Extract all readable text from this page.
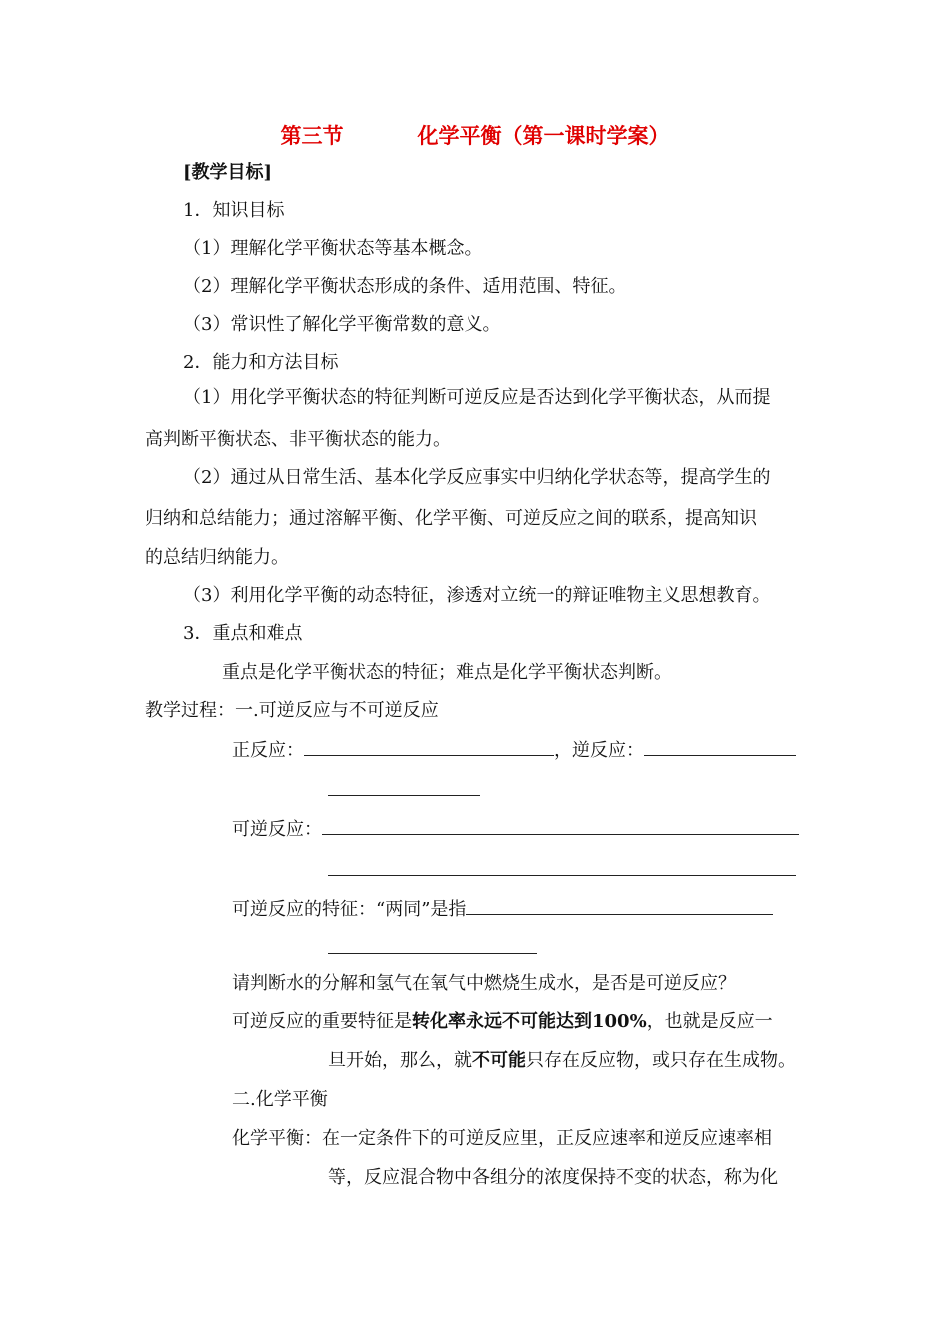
第三节	化学平衡（第一课时学案）
[教学目标]
1．知识目标
（1）理解化学平衡状态等基本概念。
（2）理解化学平衡状态形成的条件、适用范围、特征。
（3）常识性了解化学平衡常数的意义。
2．能力和方法目标
（1）用化学平衡状态的特征判断可逆反应是否达到化学平衡状态，从而提
高判断平衡状态、非平衡状态的能力。
（2）通过从日常生活、基本化学反应事实中归纳化学状态等，提高学生的
归纳和总结能力；通过溶解平衡、化学平衡、可逆反应之间的联系，提高知识
的总结归纳能力。
（3）利用化学平衡的动态特征，渗透对立统一的辩证唯物主义思想教育。
3．重点和难点
重点是化学平衡状态的特征；难点是化学平衡状态判断。
教学过程：一.可逆反应与不可逆反应
正反应：	，逆反应：
可逆反应：
可逆反应的特征：“两同”是指
请判断水的分解和氢气在氧气中燃烧生成水，是否是可逆反应？
可逆反应的重要特征是转化率永远不可能达到100%，也就是反应一
旦开始，那么，就不可能只存在反应物，或只存在生成物。
二.化学平衡
化学平衡：在一定条件下的可逆反应里，正反应速率和逆反应速率相
等，反应混合物中各组分的浓度保持不变的状态，称为化
